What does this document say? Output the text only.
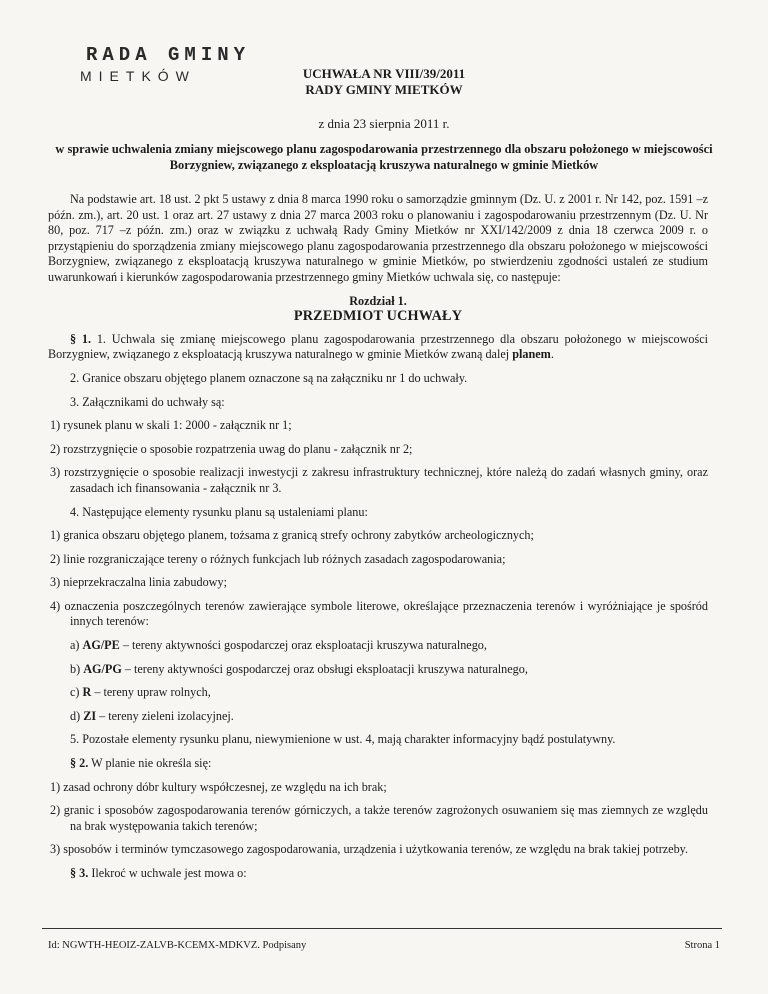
RADA GMINY
MIETKÓW	UCHWAŁA NR VIII/39/2011
RADY GMINY MIETKÓW
z dnia 23 sierpnia 2011 r.
w sprawie uchwalenia zmiany miejscowego planu zagospodarowania przestrzennego dla obszaru położonego w miejscowości Borzygniew, związanego z eksploatacją kruszywa naturalnego w gminie Mietków

Na podstawie art. 18 ust. 2 pkt 5 ustawy z dnia 8 marca 1990 roku o samorządzie gminnym (Dz. U. z 2001 r. Nr 142, poz. 1591 –z późn. zm.), art. 20 ust. 1 oraz art. 27 ustawy z dnia 27 marca 2003 roku o planowaniu i zagospodarowaniu przestrzennym (Dz. U. Nr 80, poz. 717 –z późn. zm.) oraz w związku z uchwałą Rady Gminy Mietków nr XXI/142/2009 z dnia 18 czerwca 2009 r. o przystąpieniu do sporządzenia zmiany miejscowego planu zagospodarowania przestrzennego dla obszaru położonego w miejscowości Borzygniew, związanego z eksploatacją kruszywa naturalnego w gminie Mietków, po stwierdzeniu zgodności ustaleń ze studium uwarunkowań i kierunków zagospodarowania przestrzennego gminy Mietków uchwala się, co następuje:

Rozdział 1.
PRZEDMIOT UCHWAŁY

§ 1. 1. Uchwala się zmianę miejscowego planu zagospodarowania przestrzennego dla obszaru położonego w miejscowości Borzygniew, związanego z eksploatacją kruszywa naturalnego w gminie Mietków zwaną dalej planem.

2. Granice obszaru objętego planem oznaczone są na załączniku nr 1 do uchwały.

3. Załącznikami do uchwały są:

1) rysunek planu w skali 1: 2000 - załącznik nr 1;
2) rozstrzygnięcie o sposobie rozpatrzenia uwag do planu - załącznik nr 2;
3) rozstrzygnięcie o sposobie realizacji inwestycji z zakresu infrastruktury technicznej, które należą do zadań własnych gminy, oraz zasadach ich finansowania - załącznik nr 3.

4. Następujące elementy rysunku planu są ustaleniami planu:

1) granica obszaru objętego planem, tożsama z granicą strefy ochrony zabytków archeologicznych;
2) linie rozgraniczające tereny o różnych funkcjach lub różnych zasadach zagospodarowania;
3) nieprzekraczalna linia zabudowy;
4) oznaczenia poszczególnych terenów zawierające symbole literowe, określające przeznaczenia terenów i wyróżniające je spośród innych terenów:
a) AG/PE – tereny aktywności gospodarczej oraz eksploatacji kruszywa naturalnego,
b) AG/PG – tereny aktywności gospodarczej oraz obsługi eksploatacji kruszywa naturalnego,
c) R – tereny upraw rolnych,
d) ZI – tereny zieleni izolacyjnej.

5. Pozostałe elementy rysunku planu, niewymienione w ust. 4, mają charakter informacyjny bądź postulatywny.

§ 2. W planie nie określa się:

1) zasad ochrony dóbr kultury współczesnej, ze względu na ich brak;
2) granic i sposobów zagospodarowania terenów górniczych, a także terenów zagrożonych osuwaniem się mas ziemnych ze względu na brak występowania takich terenów;
3) sposobów i terminów tymczasowego zagospodarowania, urządzenia i użytkowania terenów, ze względu na brak takiej potrzeby.

§ 3. Ilekroć w uchwale jest mowa o:

Id: NGWTH-HEOIZ-ZALVB-KCEMX-MDKVZ. Podpisany	Strona 1
